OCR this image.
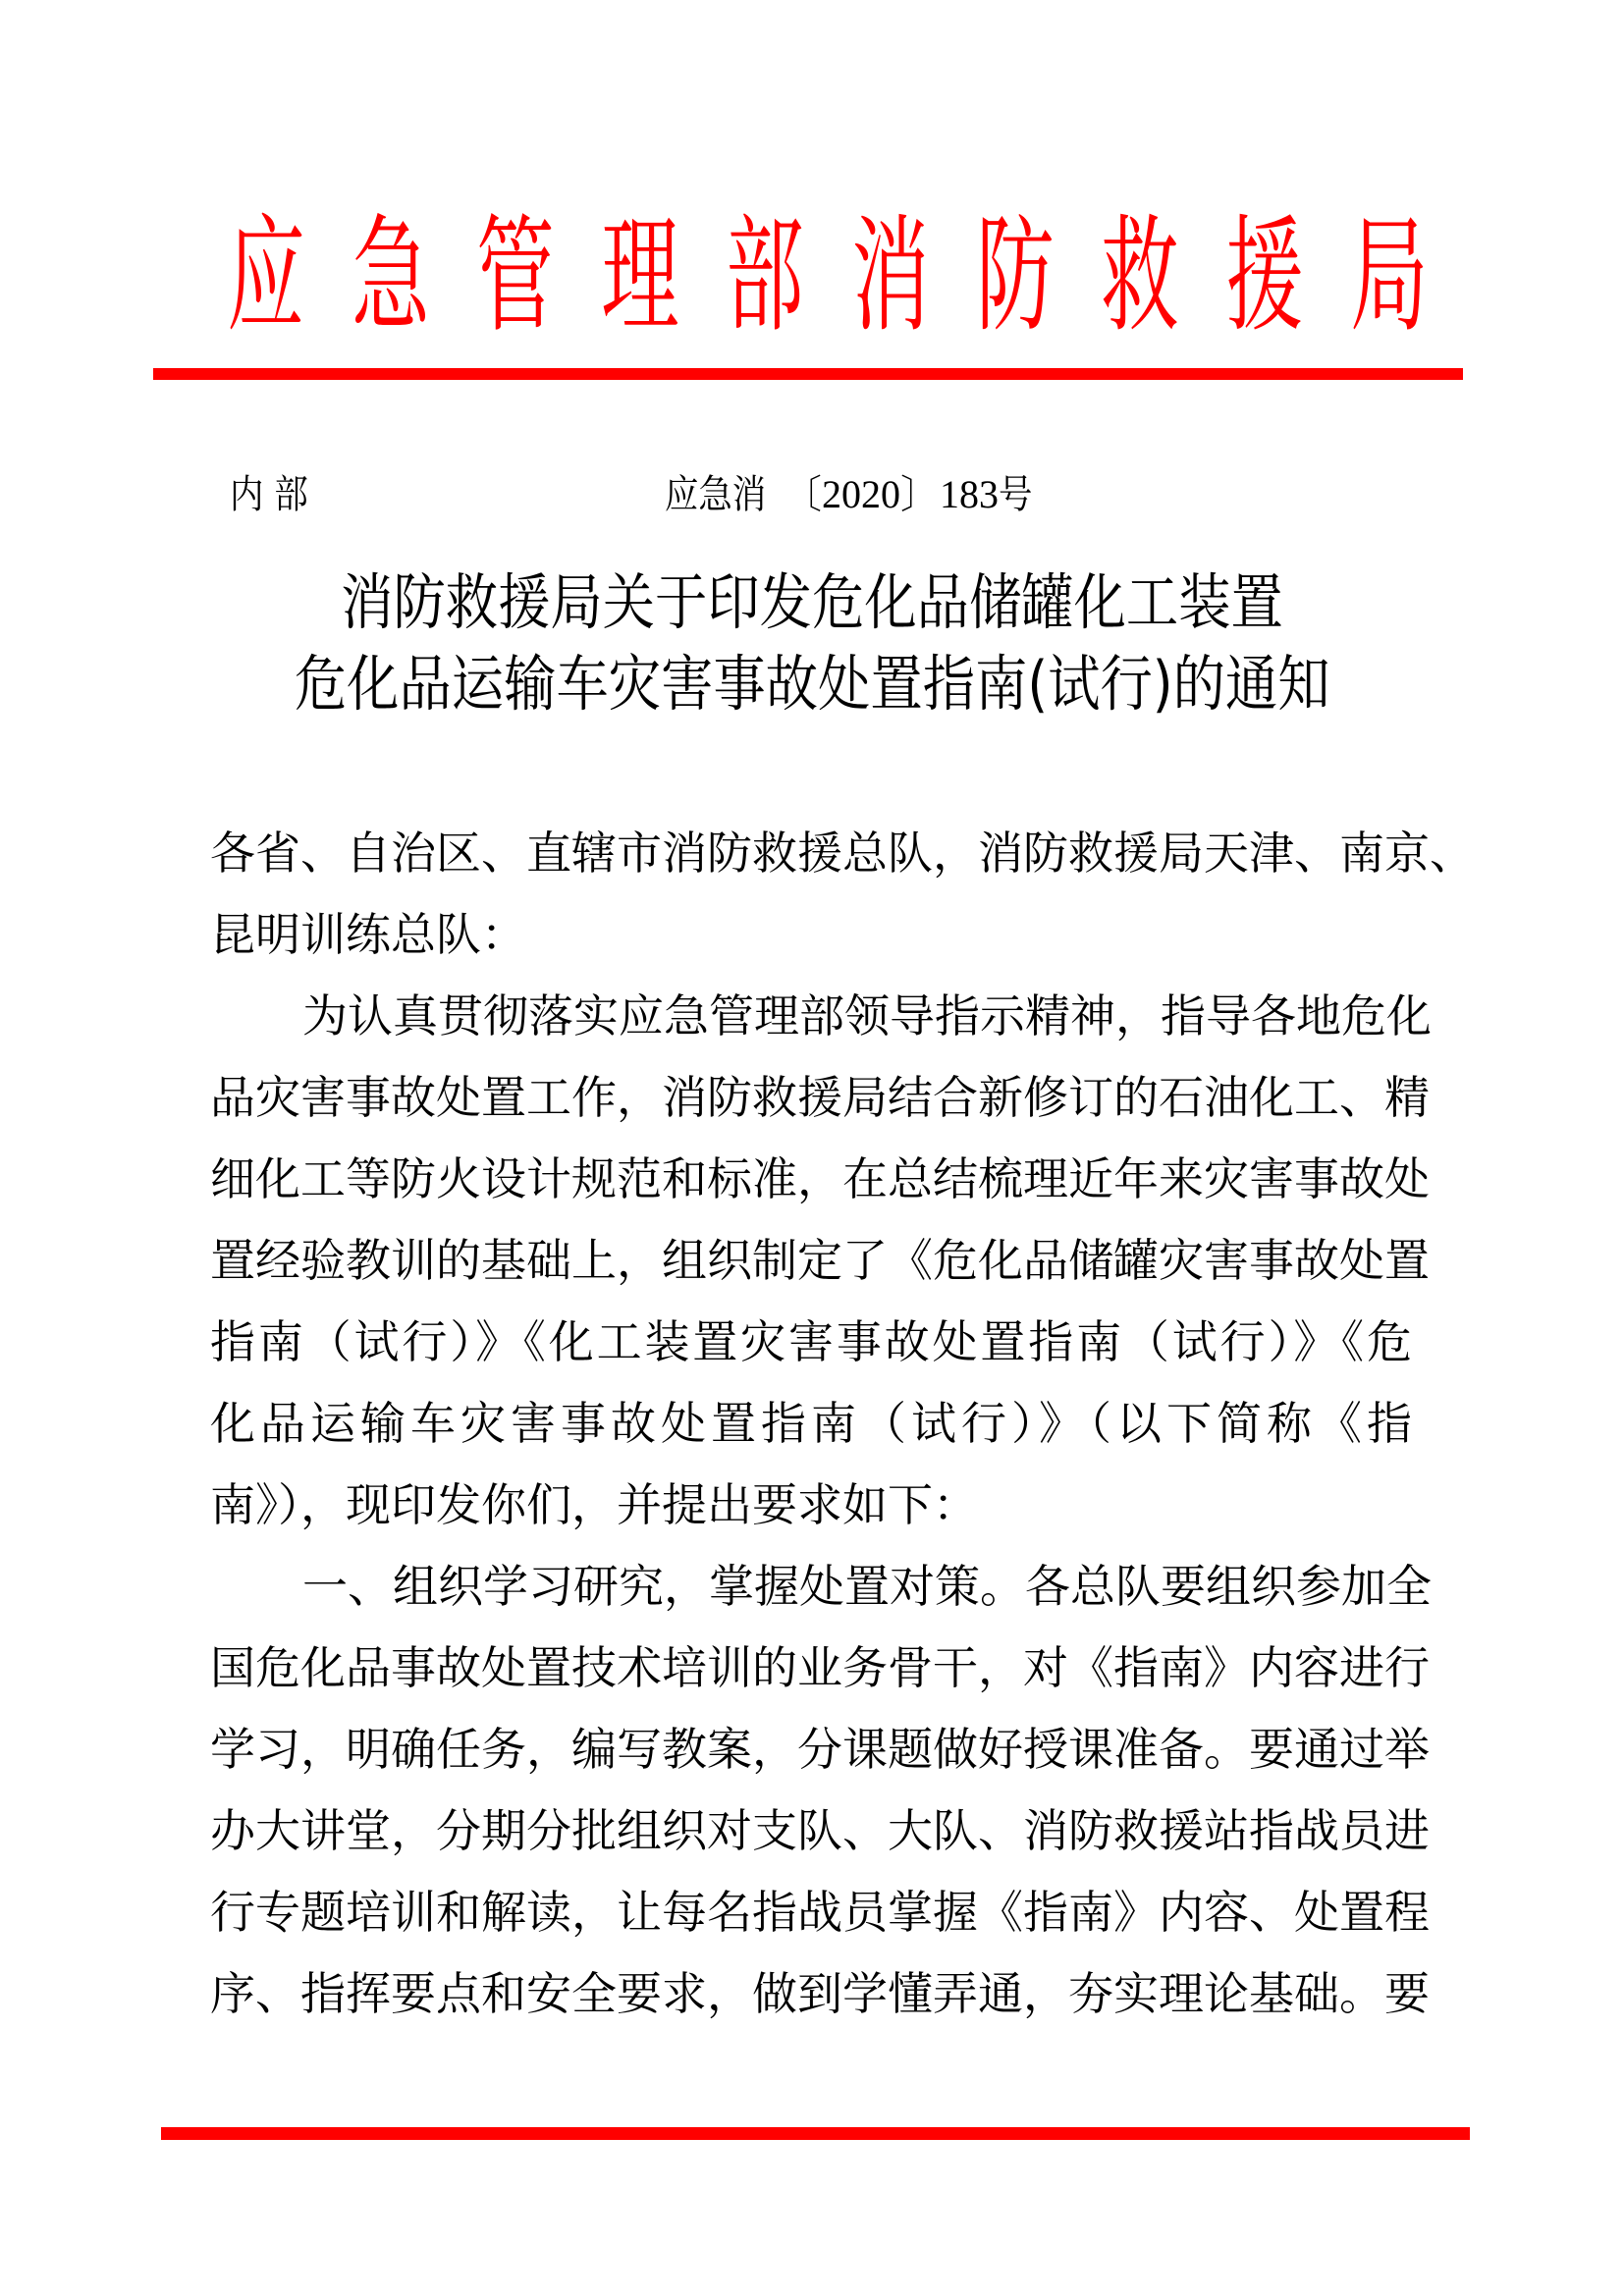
应 急 管 理 部 消 防 救 援 局

内 部	应急消 〔2020〕183号

消防救援局关于印发危化品储罐化工装置
危化品运输车灾害事故处置指南(试行)的通知
各省、自治区、直辖市消防救援总队，消防救援局天津、南京、
昆明训练总队：
为认真贯彻落实应急管理部领导指示精神，指导各地危化
品灾害事故处置工作，消防救援局结合新修订的石油化工、精
细化工等防火设计规范和标准，在总结梳理近年来灾害事故处
置经验教训的基础上，组织制定了《危化品储罐灾害事故处置
指南（试行）》《化工装置灾害事故处置指南（试行）》《危
化品运输车灾害事故处置指南（试行）》（以下简称《指
南》），现印发你们，并提出要求如下：
一、组织学习研究，掌握处置对策。各总队要组织参加全
国危化品事故处置技术培训的业务骨干，对《指南》内容进行
学习，明确任务，编写教案，分课题做好授课准备。要通过举
办大讲堂，分期分批组织对支队、大队、消防救援站指战员进
行专题培训和解读，让每名指战员掌握《指南》内容、处置程
序、指挥要点和安全要求，做到学懂弄通，夯实理论基础。要
